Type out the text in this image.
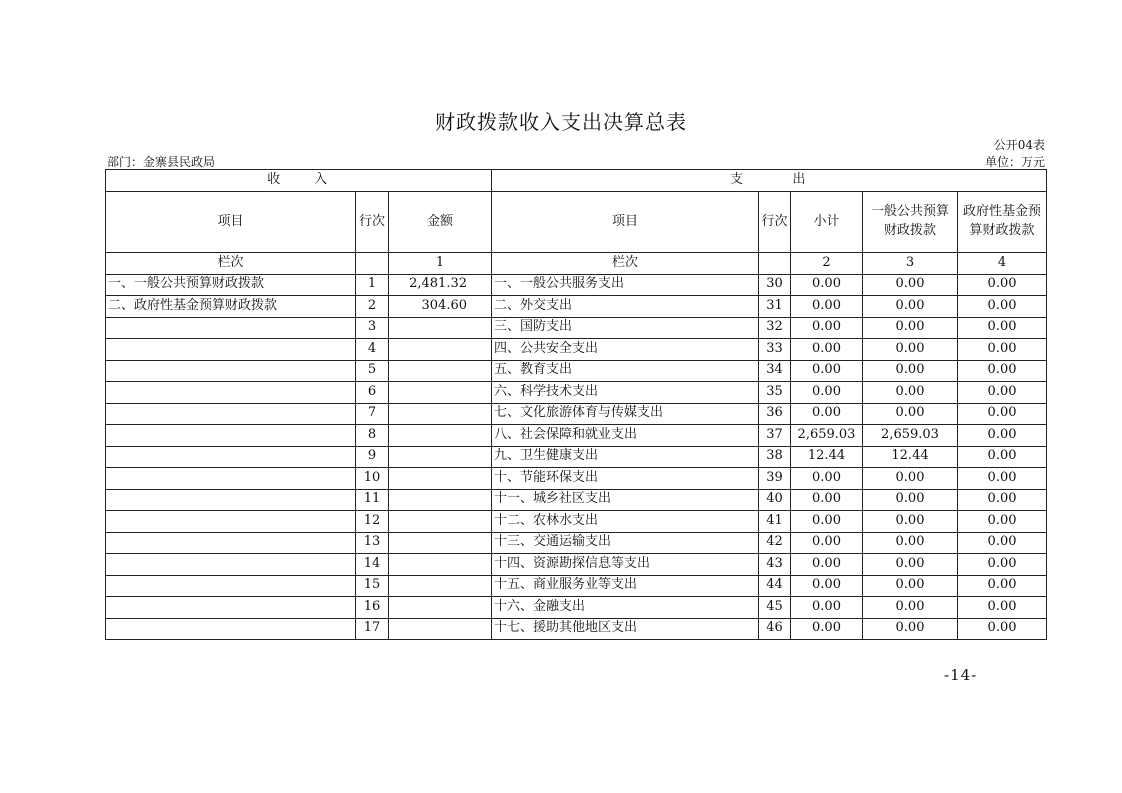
财政拨款收入支出决算总表
公开04表
部门：金寨县民政局	单位：万元
收　　入			支　　　出				
项目	行次	金额	项目	行次	小计	一般公共预算财政拨款	政府性基金预算财政拨款
栏次		1	栏次		2	3	4
一、一般公共预算财政拨款	1	2,481.32	一、一般公共服务支出	30	0.00	0.00	0.00
二、政府性基金预算财政拨款	2	304.60	二、外交支出	31	0.00	0.00	0.00
	3		三、国防支出	32	0.00	0.00	0.00
	4		四、公共安全支出	33	0.00	0.00	0.00
	5		五、教育支出	34	0.00	0.00	0.00
	6		六、科学技术支出	35	0.00	0.00	0.00
	7		七、文化旅游体育与传媒支出	36	0.00	0.00	0.00
	8		八、社会保障和就业支出	37	2,659.03	2,659.03	0.00
	9		九、卫生健康支出	38	12.44	12.44	0.00
	10		十、节能环保支出	39	0.00	0.00	0.00
	11		十一、城乡社区支出	40	0.00	0.00	0.00
	12		十二、农林水支出	41	0.00	0.00	0.00
	13		十三、交通运输支出	42	0.00	0.00	0.00
	14		十四、资源勘探信息等支出	43	0.00	0.00	0.00
	15		十五、商业服务业等支出	44	0.00	0.00	0.00
	16		十六、金融支出	45	0.00	0.00	0.00
	17		十七、援助其他地区支出	46	0.00	0.00	0.00
-14-
